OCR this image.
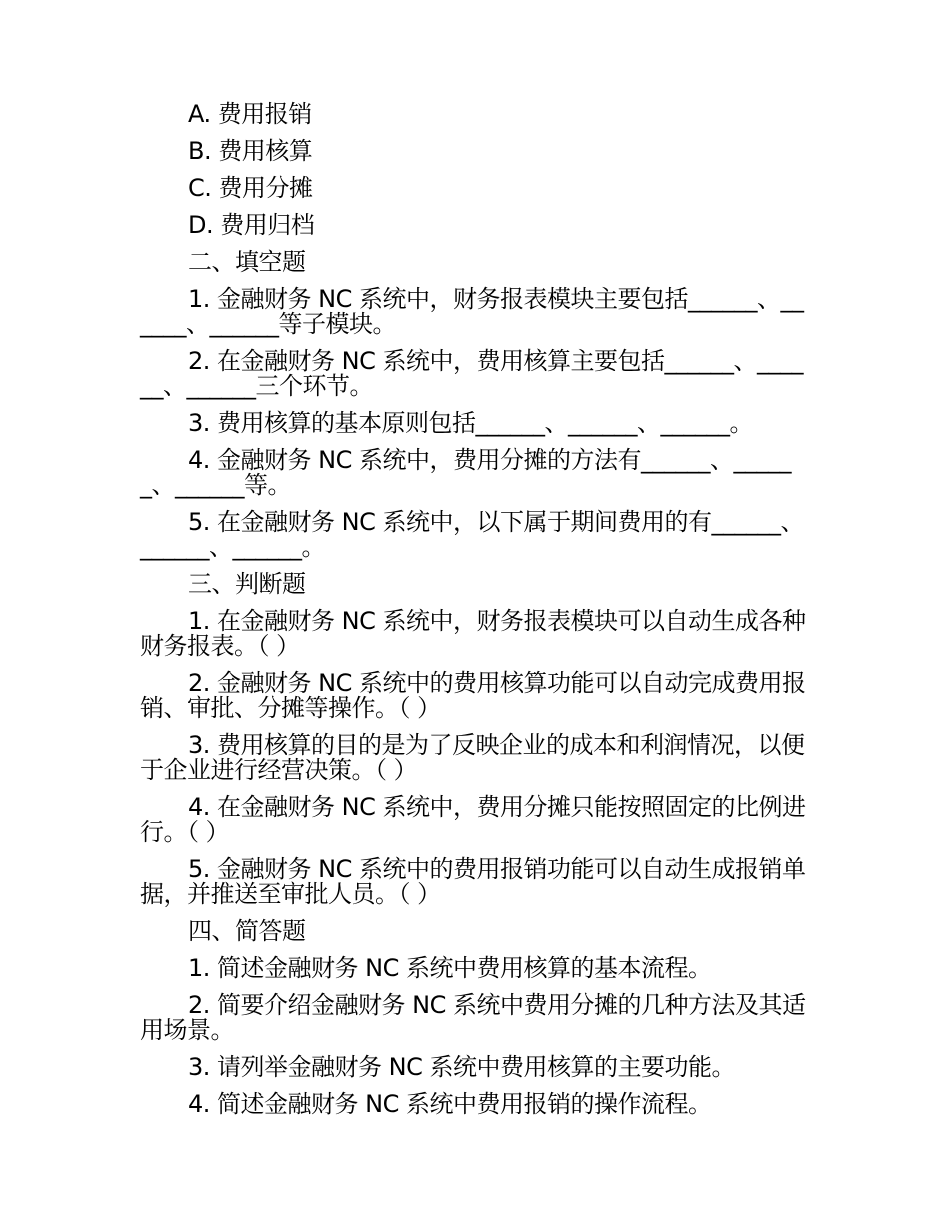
A. 费用报销

B. 费用核算

C. 费用分摊

D. 费用归档

二、填空题

1. 金融财务 NC 系统中，财务报表模块主要包括______、______、______等子模块。

2. 在金融财务 NC 系统中，费用核算主要包括______、______、______三个环节。

3. 费用核算的基本原则包括______、______、______。

4. 金融财务 NC 系统中，费用分摊的方法有______、______、______等。

5. 在金融财务 NC 系统中，以下属于期间费用的有______、______、______。

三、判断题

1. 在金融财务 NC 系统中，财务报表模块可以自动生成各种财务报表。（ ）

2. 金融财务 NC 系统中的费用核算功能可以自动完成费用报销、审批、分摊等操作。（ ）

3. 费用核算的目的是为了反映企业的成本和利润情况，以便于企业进行经营决策。（ ）

4. 在金融财务 NC 系统中，费用分摊只能按照固定的比例进行。（ ）

5. 金融财务 NC 系统中的费用报销功能可以自动生成报销单据，并推送至审批人员。（ ）

四、简答题

1. 简述金融财务 NC 系统中费用核算的基本流程。

2. 简要介绍金融财务 NC 系统中费用分摊的几种方法及其适用场景。

3. 请列举金融财务 NC 系统中费用核算的主要功能。

4. 简述金融财务 NC 系统中费用报销的操作流程。
